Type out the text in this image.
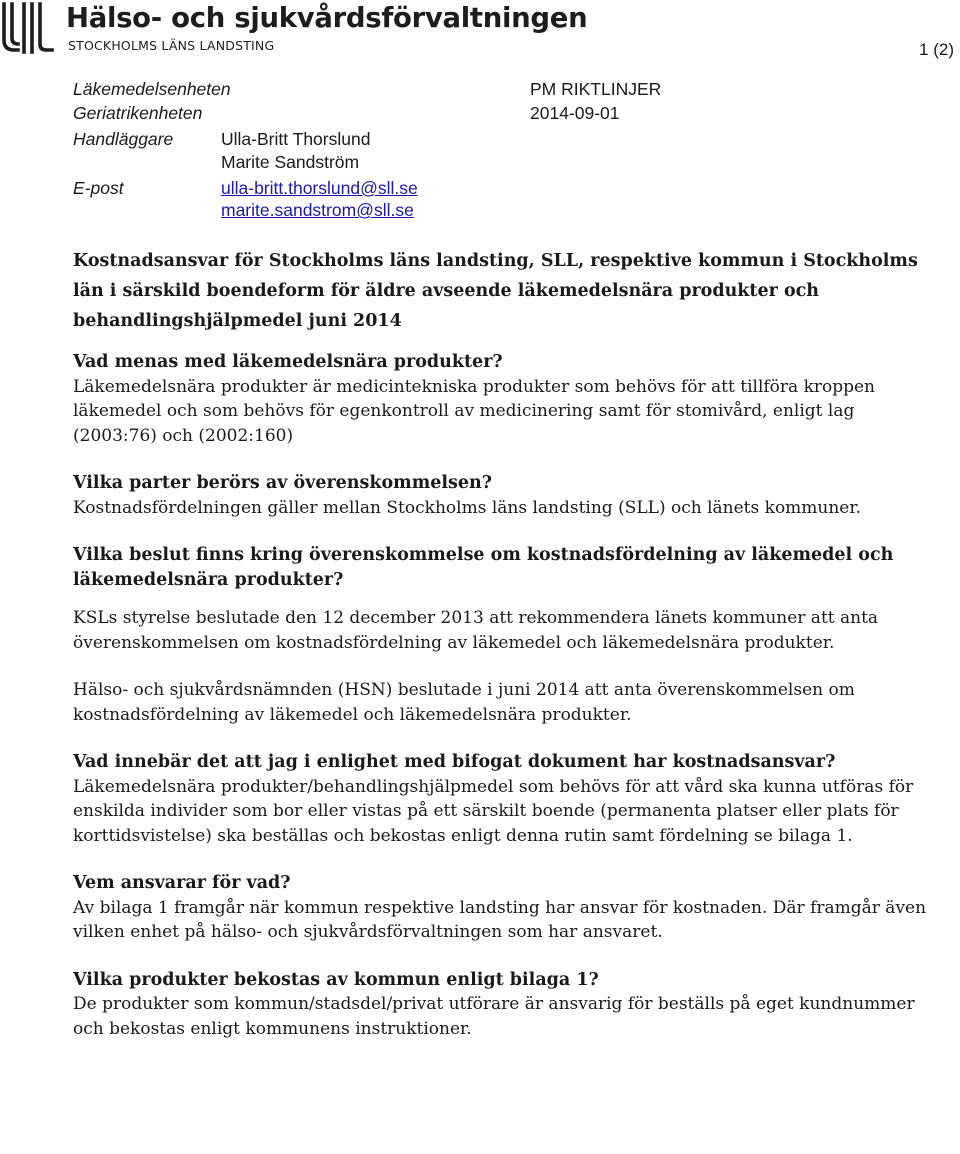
Hälso- och sjukvårdsförvaltningen
STOCKHOLMS LÄNS LANDSTING	1 (2)
Läkemedelsenheten
Geriatrikenheten
PM RIKTLINJER
2014-09-01
Handläggare	Ulla-Britt Thorslund
Marite Sandström
E-post	ulla-britt.thorslund@sll.se
marite.sandstrom@sll.se
Kostnadsansvar för Stockholms läns landsting, SLL, respektive kommun i Stockholms län i särskild boendeform för äldre avseende läkemedelsnära produkter och behandlingshjälpmedel juni 2014
Vad menas med läkemedelsnära produkter?

Läkemedelsnära produkter är medicintekniska produkter som behövs för att tillföra kroppen läkemedel och som behövs för egenkontroll av medicinering samt för stomivård, enligt lag (2003:76) och (2002:160)

Vilka parter berörs av överenskommelsen?

Kostnadsfördelningen gäller mellan Stockholms läns landsting (SLL) och länets kommuner.

Vilka beslut finns kring överenskommelse om kostnadsfördelning av läkemedel och läkemedelsnära produkter?

KSLs styrelse beslutade den 12 december 2013 att rekommendera länets kommuner att anta överenskommelsen om kostnadsfördelning av läkemedel och läkemedelsnära produkter.

Hälso- och sjukvårdsnämnden (HSN) beslutade i juni 2014 att anta överenskommelsen om kostnadsfördelning av läkemedel och läkemedelsnära produkter.

Vad innebär det att jag i enlighet med bifogat dokument har kostnadsansvar?

Läkemedelsnära produkter/behandlingshjälpmedel som behövs för att vård ska kunna utföras för enskilda individer som bor eller vistas på ett särskilt boende (permanenta platser eller plats för korttidsvistelse) ska beställas och bekostas enligt denna rutin samt fördelning se bilaga 1.

Vem ansvarar för vad?

Av bilaga 1 framgår när kommun respektive landsting har ansvar för kostnaden. Där framgår även vilken enhet på hälso- och sjukvårdsförvaltningen som har ansvaret.

Vilka produkter bekostas av kommun enligt bilaga 1?

De produkter som kommun/stadsdel/privat utförare är ansvarig för beställs på eget kundnummer och bekostas enligt kommunens instruktioner.
